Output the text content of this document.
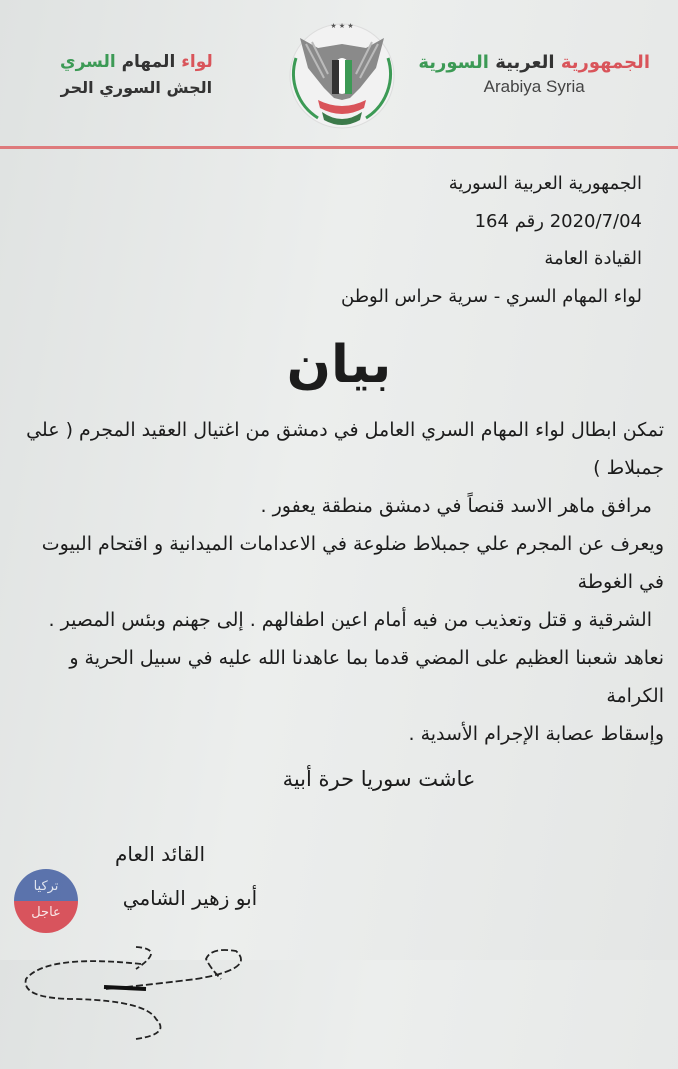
الجمهورية العربية السورية
Arabiya Syria
★ ★ ★
لواء المهام السري
الجش السوري الحر
الجمهورية العربية السورية
2020/7/04 رقم 164
القيادة العامة
لواء المهام السري - سرية حراس الوطن
بيان
تمكن ابطال لواء المهام السري العامل في دمشق من اغتيال العقيد المجرم ( علي جمبلاط )
مرافق ماهر الاسد قنصاً في دمشق منطقة يعفور .
ويعرف عن المجرم علي جمبلاط ضلوعة في الاعدامات الميدانية و اقتحام البيوت في الغوطة
الشرقية و قتل وتعذيب من فيه أمام اعين اطفالهم . إلى جهنم وبئس المصير .
نعاهد شعبنا العظيم على المضي قدما بما عاهدنا الله عليه في سبيل الحرية و الكرامة
وإسقاط عصابة الإجرام الأسدية .
عاشت سوريا حرة أبية
القائد العام
أبو زهير الشامي
تركيا
عاجل
